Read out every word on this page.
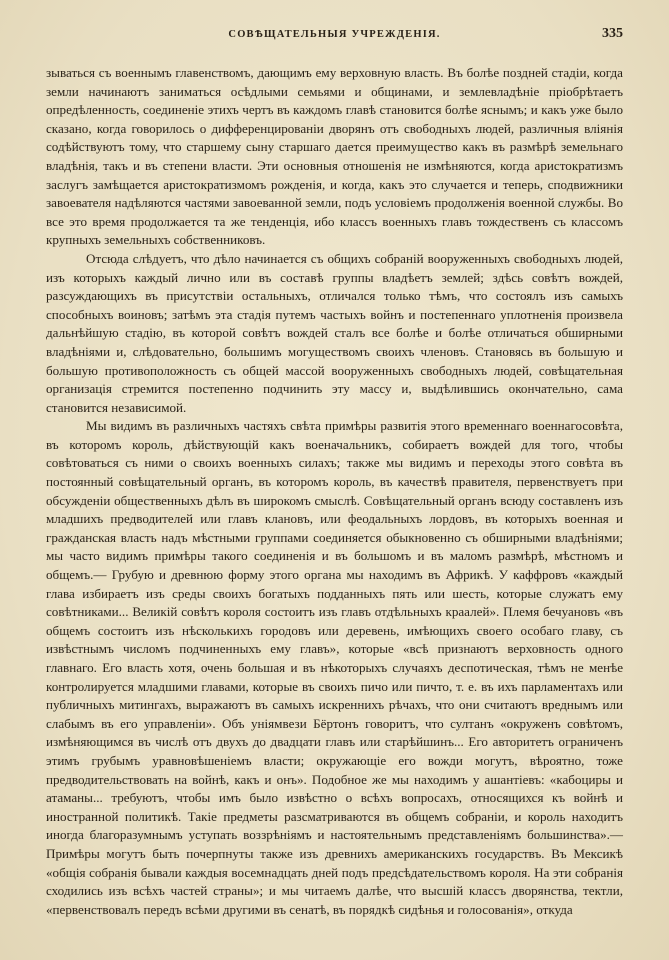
СОВѢЩАТЕЛЬНЫЯ УЧРЕЖДЕНІЯ.	335

зываться съ военнымъ главенствомъ, дающимъ ему верховную власть. Въ болѣе поздней стадіи, когда земли начинаютъ заниматься осѣдлыми семьями и общинами, и землевладѣніе пріобрѣтаетъ опредѣленность, соединеніе этихъ чертъ въ каждомъ главѣ становится болѣе яснымъ; и какъ уже было сказано, когда говорилось о дифференцированіи дворянъ отъ свободныхъ людей, различныя вліянія содѣйствуютъ тому, что старшему сыну старшаго дается преимущество какъ въ размѣрѣ земельнаго владѣнія, такъ и въ степени власти. Эти основныя отношенія не измѣняются, когда аристократизмъ заслугъ замѣщается аристократизмомъ рожденія, и когда, какъ это случается и теперь, сподвижники завоевателя надѣляются частями завоеванной земли, подъ условіемъ продолженія военной службы. Во все это время продолжается та же тенденція, ибо классъ военныхъ главъ тождественъ съ классомъ крупныхъ земельныхъ собственниковъ.

Отсюда слѣдуетъ, что дѣло начинается съ общихъ собраній вооруженныхъ свободныхъ людей, изъ которыхъ каждый лично или въ составѣ группы владѣетъ землей; здѣсь совѣтъ вождей, разсуждающихъ въ присутствіи остальныхъ, отличался только тѣмъ, что состоялъ изъ самыхъ способныхъ воиновъ; затѣмъ эта стадія путемъ частыхъ войнъ и постепеннаго уплотненія произвела дальнѣйшую стадію, въ которой совѣтъ вождей сталъ все болѣе и болѣе отличаться обширными владѣніями и, слѣдовательно, большимъ могуществомъ своихъ членовъ. Становясь въ большую и большую противоположность съ общей массой вооруженныхъ свободныхъ людей, совѣщательная организація стремится постепенно подчинить эту массу и, выдѣлившись окончательно, сама становится независимой.

Мы видимъ въ различныхъ частяхъ свѣта примѣры развитія этого временнаго военнагосовѣта, въ которомъ король, дѣйствующій какъ военачальникъ, собираетъ вождей для того, чтобы совѣтоваться съ ними о своихъ военныхъ силахъ; также мы видимъ и переходы этого совѣта въ постоянный совѣщательный органъ, въ которомъ король, въ качествѣ правителя, первенствуетъ при обсужденіи общественныхъ дѣлъ въ широкомъ смыслѣ. Совѣщательный органъ всюду составленъ изъ младшихъ предводителей или главъ клановъ, или феодальныхъ лордовъ, въ которыхъ военная и гражданская власть надъ мѣстными группами соединяется обыкновенно съ обширными владѣніями; мы часто видимъ примѣры такого соединенія и въ большомъ и въ маломъ размѣрѣ, мѣстномъ и общемъ.— Грубую и древнюю форму этого органа мы находимъ въ Африкѣ. У каффровъ «каждый глава избираетъ изъ среды своихъ богатыхъ подданныхъ пять или шесть, которые служатъ ему совѣтниками... Великій совѣтъ короля состоитъ изъ главъ отдѣльныхъ краалей». Племя бечуановъ «въ общемъ состоитъ изъ нѣсколькихъ городовъ или деревень, имѣющихъ своего особаго главу, съ извѣстнымъ числомъ подчиненныхъ ему главъ», которые «всѣ признаютъ верховность одного главнаго. Его власть хотя, очень большая и въ нѣкоторыхъ случаяхъ деспотическая, тѣмъ не менѣе контролируется младшими главами, которые въ своихъ пичо или пичто, т. е. въ ихъ парламентахъ или публичныхъ митингахъ, выражаютъ въ самыхъ искреннихъ рѣчахъ, что они считаютъ вреднымъ или слабымъ въ его управленіи». Объ уніямвези Бёртонъ говоритъ, что султанъ «окруженъ совѣтомъ, измѣняющимся въ числѣ отъ двухъ до двадцати главъ или старѣйшинъ... Его авторитетъ ограниченъ этимъ грубымъ уравновѣшеніемъ власти; окружающіе его вожди могутъ, вѣроятно, тоже предводительствовать на войнѣ, какъ и онъ». Подобное же мы находимъ у ашантіевъ: «кабоциры и атаманы... требуютъ, чтобы имъ было извѣстно о всѣхъ вопросахъ, относящихся къ войнѣ и иностранной политикѣ. Такіе предметы разсматриваются въ общемъ собраніи, и король находитъ иногда благоразумнымъ уступать воззрѣніямъ и настоятельнымъ представленіямъ большинства».—Примѣры могутъ быть почерпнуты также изъ древнихъ американскихъ государствъ. Въ Мексикѣ «общія собранія бывали каждыя восемнадцать дней подъ предсѣдательствомъ короля. На эти собранія сходились изъ всѣхъ частей страны»; и мы читаемъ далѣе, что высшій классъ дворянства, тектли, «первенствовалъ передъ всѣми другими въ сенатѣ, въ порядкѣ сидѣнья и голосованія», откуда
